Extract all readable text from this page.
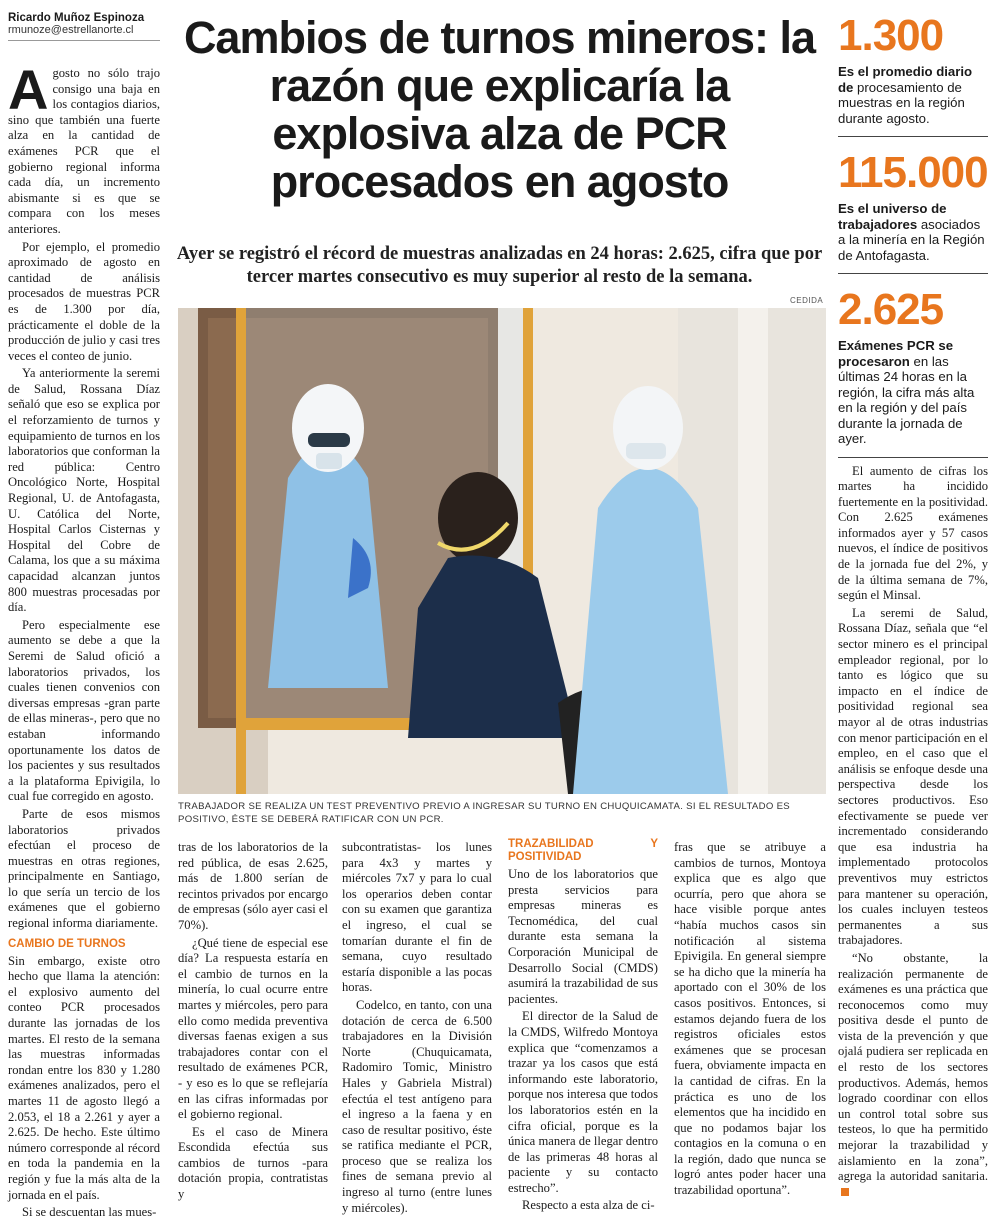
Ricardo Muñoz Espinoza
rmunoze@estrellanorte.cl

Agosto no sólo trajo consigo una baja en los contagios diarios, sino que también una fuerte alza en la cantidad de exámenes PCR que el gobierno regional informa cada día, un incremento abismante si es que se compara con los meses anteriores.

Por ejemplo, el promedio aproximado de agosto en cantidad de análisis procesados de muestras PCR es de 1.300 por día, prácticamente el doble de la producción de julio y casi tres veces el conteo de junio.

Ya anteriormente la seremi de Salud, Rossana Díaz señaló que eso se explica por el reforzamiento de turnos y equipamiento de turnos en los laboratorios que conforman la red pública: Centro Oncológico Norte, Hospital Regional, U. de Antofagasta, U. Católica del Norte, Hospital Carlos Cisternas y Hospital del Cobre de Calama, los que a su máxima capacidad alcanzan juntos 800 muestras procesadas por día.

Pero especialmente ese aumento se debe a que la Seremi de Salud ofició a laboratorios privados, los cuales tienen convenios con diversas empresas -gran parte de ellas mineras-, pero que no estaban informando oportunamente los datos de los pacientes y sus resultados a la plataforma Epivigila, lo cual fue corregido en agosto.

Parte de esos mismos laboratorios privados efectúan el proceso de muestras en otras regiones, principalmente en Santiago, lo que sería un tercio de los exámenes que el gobierno regional informa diariamente.

CAMBIO DE TURNOS

Sin embargo, existe otro hecho que llama la atención: el explosivo aumento del conteo PCR procesados durante las jornadas de los martes. El resto de la semana las muestras informadas rondan entre los 830 y 1.280 exámenes analizados, pero el martes 11 de agosto llegó a 2.053, el 18 a 2.261 y ayer a 2.625. De hecho. Este último número corresponde al récord en toda la pandemia en la región y fue la más alta de la jornada en el país.

Si se descuentan las mues-

Cambios de turnos mineros: la razón que explicaría la explosiva alza de PCR procesados en agosto
Ayer se registró el récord de muestras analizadas en 24 horas: 2.625, cifra que por tercer martes consecutivo es muy superior al resto de la semana.
CEDIDA
TRABAJADOR SE REALIZA UN TEST PREVENTIVO PREVIO A INGRESAR SU TURNO EN CHUQUICAMATA. SI EL RESULTADO ES POSITIVO, ÉSTE SE DEBERÁ RATIFICAR CON UN PCR.

tras de los laboratorios de la red pública, de esas 2.625, más de 1.800 serían de recintos privados por encargo de empresas (sólo ayer casi el 70%).

¿Qué tiene de especial ese día? La respuesta estaría en el cambio de turnos en la minería, lo cual ocurre entre martes y miércoles, pero para ello como medida preventiva diversas faenas exigen a sus trabajadores contar con el resultado de exámenes PCR, - y eso es lo que se reflejaría en las cifras informadas por el gobierno regional.

Es el caso de Minera Escondida efectúa sus cambios de turnos -para dotación propia, contratistas y

subcontratistas- los lunes para 4x3 y martes y miércoles 7x7 y para lo cual los operarios deben contar con su examen que garantiza el ingreso, el cual se tomarían durante el fin de semana, cuyo resultado estaría disponible a las pocas horas.

Codelco, en tanto, con una dotación de cerca de 6.500 trabajadores en la División Norte (Chuquicamata, Radomiro Tomic, Ministro Hales y Gabriela Mistral) efectúa el test antígeno para el ingreso a la faena y en caso de resultar positivo, éste se ratifica mediante el PCR, proceso que se realiza los fines de semana previo al ingreso al turno (entre lunes y miércoles).

TRAZABILIDAD Y POSITIVIDAD

Uno de los laboratorios que presta servicios para empresas mineras es Tecnomédica, del cual durante esta semana la Corporación Municipal de Desarrollo Social (CMDS) asumirá la trazabilidad de sus pacientes.

El director de la Salud de la CMDS, Wilfredo Montoya explica que “comenzamos a trazar ya los casos que está informando este laboratorio, porque nos interesa que todos los laboratorios estén en la cifra oficial, porque es la única manera de llegar dentro de las primeras 48 horas al paciente y su contacto estrecho”.

Respecto a esta alza de ci-

fras que se atribuye a cambios de turnos, Montoya explica que es algo que ocurría, pero que ahora se hace visible porque antes “había muchos casos sin notificación al sistema Epivigila. En general siempre se ha dicho que la minería ha aportado con el 30% de los casos positivos. Entonces, si estamos dejando fuera de los registros oficiales estos exámenes que se procesan fuera, obviamente impacta en la cantidad de cifras. En la práctica es uno de los elementos que ha incidido en que no podamos bajar los contagios en la comuna o en la región, dado que nunca se logró antes poder hacer una trazabilidad oportuna”.

1.300
Es el promedio diario de procesamiento de muestras en la región durante agosto.
115.000
Es el universo de trabajadores asociados a la minería en la Región de Antofagasta.
2.625
Exámenes PCR se procesaron en las últimas 24 horas en la región, la cifra más alta en la región y del país durante la jornada de ayer.

El aumento de cifras los martes ha incidido fuertemente en la positividad. Con 2.625 exámenes informados ayer y 57 casos nuevos, el índice de positivos de la jornada fue del 2%, y de la última semana de 7%, según el Minsal.

La seremi de Salud, Rossana Díaz, señala que “el sector minero es el principal empleador regional, por lo tanto es lógico que su impacto en el índice de positividad regional sea mayor al de otras industrias con menor participación en el empleo, en el caso que el análisis se enfoque desde una perspectiva desde los sectores productivos. Eso efectivamente se puede ver incrementado considerando que esa industria ha implementado protocolos preventivos muy estrictos para mantener su operación, los cuales incluyen testeos permanentes a sus trabajadores.

“No obstante, la realización permanente de exámenes es una práctica que reconocemos como muy positiva desde el punto de vista de la prevención y que ojalá pudiera ser replicada en el resto de los sectores productivos. Además, hemos logrado coordinar con ellos un control total sobre sus testeos, lo que ha permitido mejorar la trazabilidad y aislamiento en la zona”, agrega la autoridad sanitaria.
